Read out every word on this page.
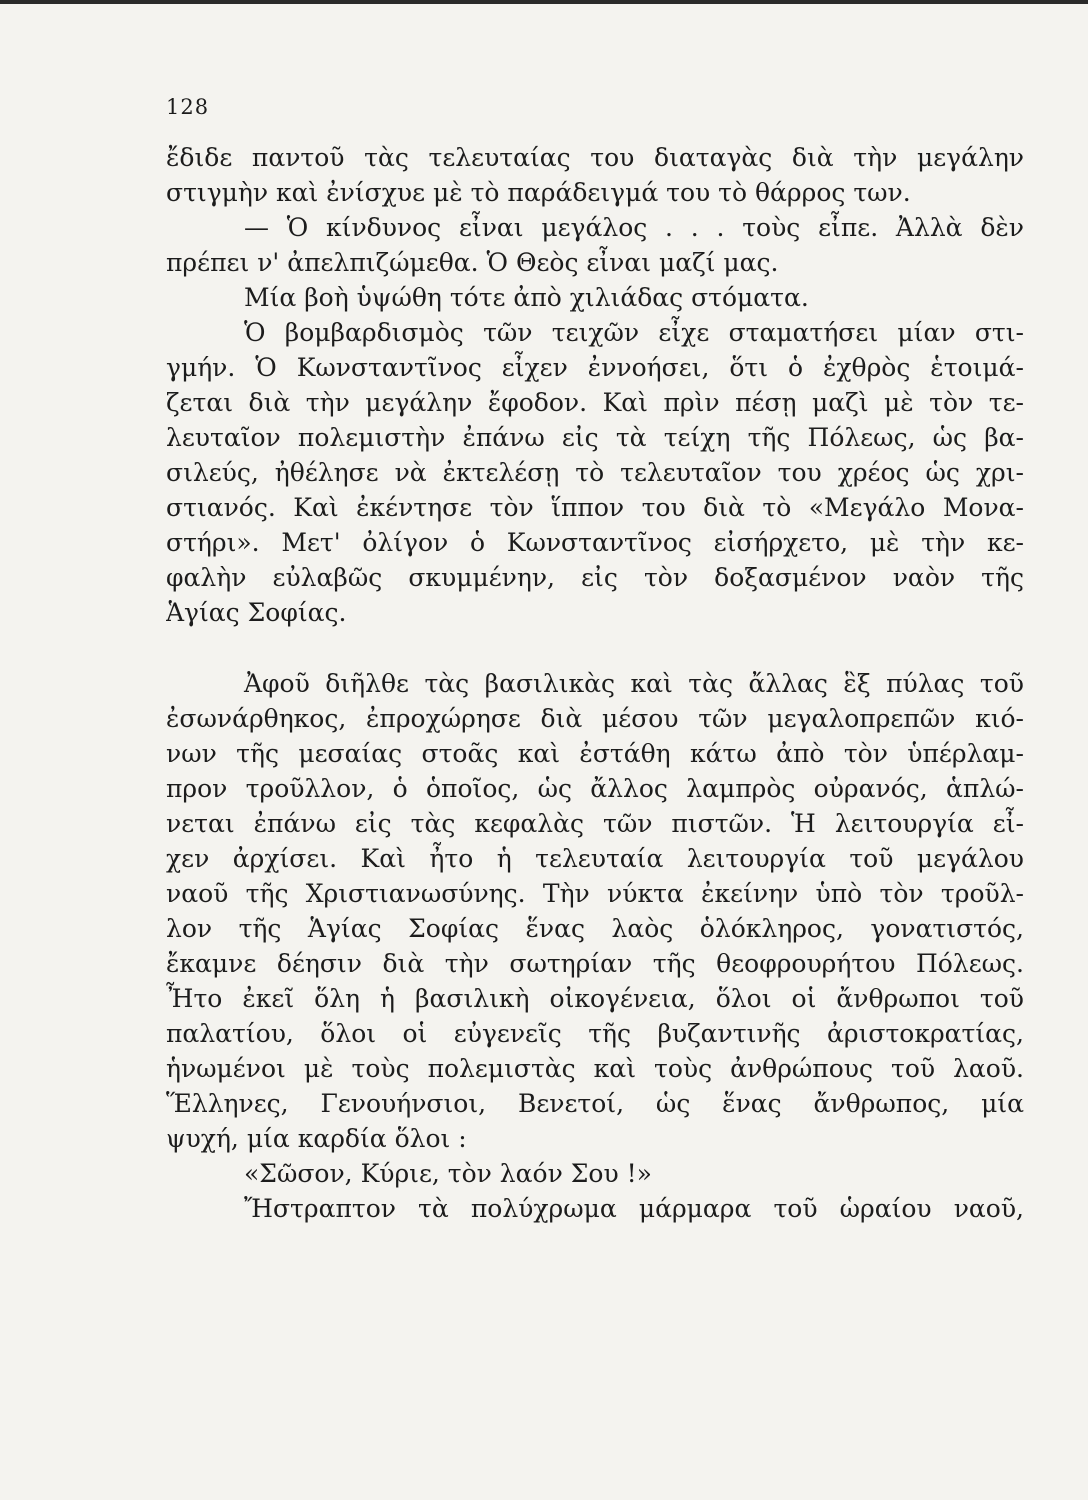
128
ἔδιδε παντοῦ τὰς τελευταίας του διαταγὰς διὰ τὴν μεγάλην
στιγμὴν καὶ ἐνίσχυε μὲ τὸ παράδειγμά του τὸ θάρρος των.
— Ὁ κίνδυνος εἶναι μεγάλος . . . τοὺς εἶπε. Ἀλλὰ δὲν
πρέπει ν' ἀπελπιζώμεθα. Ὁ Θεὸς εἶναι μαζί μας.
Μία βοὴ ὑψώθη τότε ἀπὸ χιλιάδας στόματα.
Ὁ βομβαρδισμὸς τῶν τειχῶν εἶχε σταματήσει μίαν στι-
γμήν. Ὁ Κωνσταντῖνος εἶχεν ἐννοήσει, ὅτι ὁ ἐχθρὸς ἑτοιμά-
ζεται διὰ τὴν μεγάλην ἔφοδον. Καὶ πρὶν πέσῃ μαζὶ μὲ τὸν τε-
λευταῖον πολεμιστὴν ἐπάνω εἰς τὰ τείχη τῆς Πόλεως, ὡς βα-
σιλεύς, ἠθέλησε νὰ ἐκτελέσῃ τὸ τελευταῖον του χρέος ὡς χρι-
στιανός. Καὶ ἐκέντησε τὸν ἵππον του διὰ τὸ «Μεγάλο Μονα-
στήρι». Μετ' ὀλίγον ὁ Κωνσταντῖνος εἰσήρχετο, μὲ τὴν κε-
φαλὴν εὐλαβῶς σκυμμένην, εἰς τὸν δοξασμένον ναὸν τῆς
Ἁγίας Σοφίας.
Ἀφοῦ διῆλθε τὰς βασιλικὰς καὶ τὰς ἄλλας ἓξ πύλας τοῦ
ἐσωνάρθηκος, ἐπροχώρησε διὰ μέσου τῶν μεγαλοπρεπῶν κιό-
νων τῆς μεσαίας στοᾶς καὶ ἐστάθη κάτω ἀπὸ τὸν ὑπέρλαμ-
προν τροῦλλον, ὁ ὁποῖος, ὡς ἄλλος λαμπρὸς οὐρανός, ἁπλώ-
νεται ἐπάνω εἰς τὰς κεφαλὰς τῶν πιστῶν. Ἡ λειτουργία εἶ-
χεν ἀρχίσει. Καὶ ἦτο ἡ τελευταία λειτουργία τοῦ μεγάλου
ναοῦ τῆς Χριστιανωσύνης. Τὴν νύκτα ἐκείνην ὑπὸ τὸν τροῦλ-
λον τῆς Ἁγίας Σοφίας ἕνας λαὸς ὁλόκληρος, γονατιστός,
ἔκαμνε δέησιν διὰ τὴν σωτηρίαν τῆς θεοφρουρήτου Πόλεως.
Ἦτο ἐκεῖ ὅλη ἡ βασιλικὴ οἰκογένεια, ὅλοι οἱ ἄνθρωποι τοῦ
παλατίου, ὅλοι οἱ εὐγενεῖς τῆς βυζαντινῆς ἀριστοκρατίας,
ἡνωμένοι μὲ τοὺς πολεμιστὰς καὶ τοὺς ἀνθρώπους τοῦ λαοῦ.
Ἕλληνες, Γενουήνσιοι, Βενετοί, ὡς ἕνας ἄνθρωπος, μία
ψυχή, μία καρδία ὅλοι :
«Σῶσον, Κύριε, τὸν λαόν Σου !»
Ἤστραπτον τὰ πολύχρωμα μάρμαρα τοῦ ὡραίου ναοῦ,
